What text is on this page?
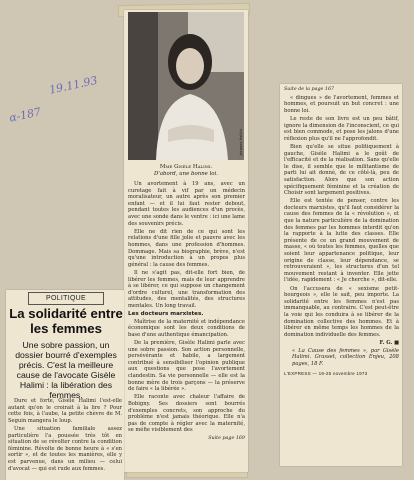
α-187
19.11.93
Jacques Haillot
Mme Gisèle Halimi.
D'abord, une bonne loi.

Un avortement à 19 ans, avec un curetage fait à vif par un médecin moralisateur, un autre après son premier enfant — et il lui faut rester debout, pendant toutes les audiences d'un procès, avec une sonde dans le ventre : ici une lame des souvenirs précis.

Elle ne dit rien de ce qui sont les relations d'une fille jolie et pauvre avec les hommes, dans une profession d'hommes. Dommage. Mais sa biographie, brève, n'est qu'une introduction à un propos plus général : la cause des femmes.

Il ne s'agit pas, dit-elle fort bien, de libérer les femmes, mais de leur apprendre à se libérer, ce qui suppose un changement d'ordre culturel, une transformation des attitudes, des mentalités, des structures mentales. Un long travail.

Les docteurs marxistes.

Maîtrise de la maternité et indépendance économique sont les deux conditions de base d'une authentique émancipation.

De la première, Gisèle Halimi parle avec une sobre passion. Son action personnelle, persévérante et habile, a largement contribué à sensibiliser l'opinion publique aux questions que pose l'avortement clandestin. Sa vie personnelle — elle est la bonne mère de trois garçons — la préserve de faire « la libérée ».

Elle raconte avec chaleur l'affaire de Bobigny. Ses dossiers sont bourrés d'exemples concrets, son approche du problème n'est jamais théorique. Elle n'a pas de compte à régler avec la maternité, se méfie visiblement des

Suite page 169
POLITIQUE
La solidarité entre les femmes
Une sobre passion, un dossier bourré d'exemples précis. C'est la meilleure cause de l'avocate Gisèle Halimi : la libération des femmes.

Dure et forte, Gisèle Halimi l'est-elle autant qu'on le croirait à la lire ? Pour cette fois, à l'aube, la petite chèvre de M. Seguin mangera le loup.

Une situation familiale assez particulière l'a poussée très tôt en situation de se révolter contre la condition féminine. Révolte de bonne heure à « s'en sortir », et de toutes les manières, elle y est parvenue, dans un milieu — celui d'avocat — qui est rude aux femmes.

Suite de la page 167

« dingues » de l'avortement, femmes et hommes, et poursuit un but concret : une bonne loi.

Le reste de son livre est un peu bâtif, ignore la dimension de l'inconscient, ce qui est bien commode, et pose les jalons d'une réflexion plus qu'il ne l'approfondit.

Bien qu'elle se situe politiquement à gauche, Gisèle Halimi a le goût de l'efficacité et de la réalisation. Sans qu'elle le dise, il semble que le militantisme de parti lui ait donné, de ce côté-là, peu de satisfaction. Alors que son action spécifiquement féminine et la création de Choisir sont largement positives.

Elle est tentée de penser, contre les docteurs marxistes, qu'il faut considérer la cause des femmes de la « révolution », et que la nature particulière de la domination des femmes par les hommes interdit qu'on la rapporte à la lutte des classes. Elle présente de ce un grand mouvement de masse, « où toutes les femmes, quelles que soient leur appartenance politique, leur origine de classe, leur dépendance, se retrouveraient », les structures d'un tel mouvement restant à inventer. Elle jette l'idée, rapidement : « Je cherche », dit-elle.

On l'accusera de « sexisme petit-bourgeois », elle le sait, peu importe. La solidarité entre les femmes n'est pas immanquable, au contraire. C'est peut-être la voie qui les conduira à se libérer de la domination collective des hommes. Et à libérer en même temps les hommes de la domination individuelle des femmes.

F. G. ■
« La Cause des femmes », par Gisèle Halimi. Grasset, collection Enjeu, 208 pages, 18 F.
L'EXPRESS — 19-25 novembre 1973
